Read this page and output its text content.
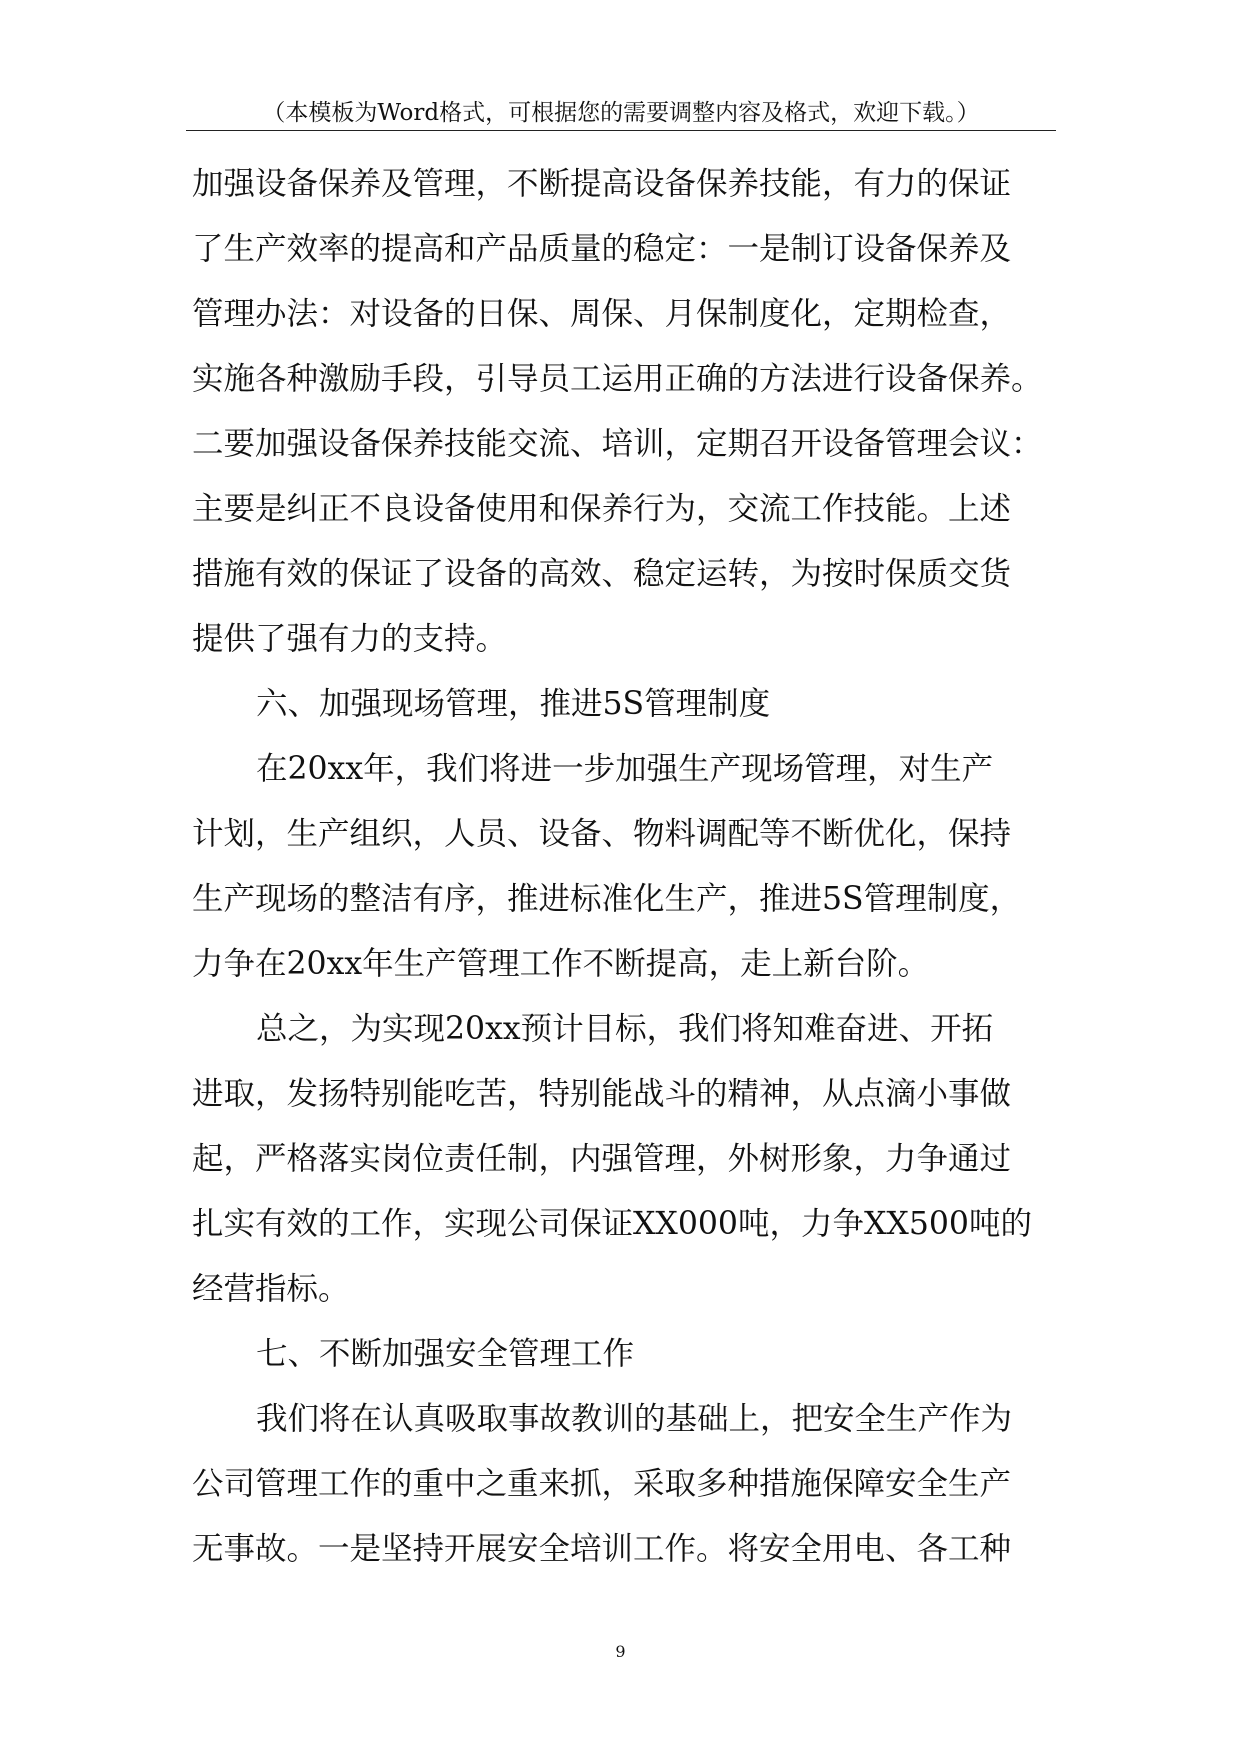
（本模板为Word格式，可根据您的需要调整内容及格式，欢迎下载。）
加强设备保养及管理，不断提高设备保养技能，有力的保证
了生产效率的提高和产品质量的稳定：一是制订设备保养及
管理办法：对设备的日保、周保、月保制度化，定期检查，
实施各种激励手段，引导员工运用正确的方法进行设备保养。
二要加强设备保养技能交流、培训，定期召开设备管理会议：
主要是纠正不良设备使用和保养行为，交流工作技能。上述
措施有效的保证了设备的高效、稳定运转，为按时保质交货
提供了强有力的支持。
六、加强现场管理，推进5S管理制度
在20xx年，我们将进一步加强生产现场管理，对生产
计划，生产组织，人员、设备、物料调配等不断优化，保持
生产现场的整洁有序，推进标准化生产，推进5S管理制度，
力争在20xx年生产管理工作不断提高，走上新台阶。
总之，为实现20xx预计目标，我们将知难奋进、开拓
进取，发扬特别能吃苦，特别能战斗的精神，从点滴小事做
起，严格落实岗位责任制，内强管理，外树形象，力争通过
扎实有效的工作，实现公司保证XX000吨，力争XX500吨的
经营指标。
七、不断加强安全管理工作
我们将在认真吸取事故教训的基础上，把安全生产作为
公司管理工作的重中之重来抓，采取多种措施保障安全生产
无事故。一是坚持开展安全培训工作。将安全用电、各工种
9
